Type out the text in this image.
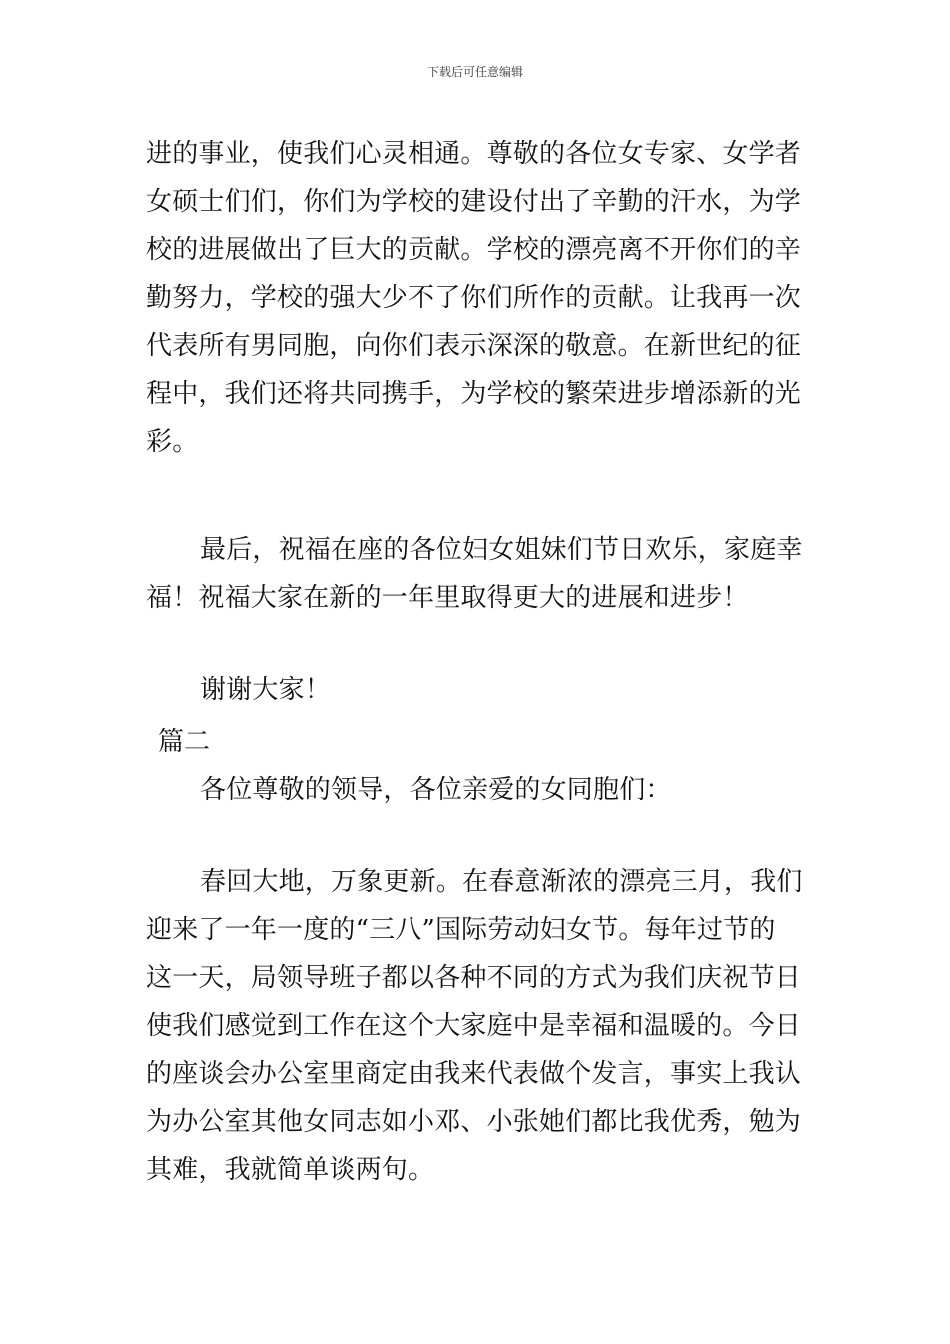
下载后可任意编辑
进的事业，使我们心灵相通。尊敬的各位女专家、女学者
女硕士们们，你们为学校的建设付出了辛勤的汗水，为学
校的进展做出了巨大的贡献。学校的漂亮离不开你们的辛
勤努力，学校的强大少不了你们所作的贡献。让我再一次
代表所有男同胞，向你们表示深深的敬意。在新世纪的征
程中，我们还将共同携手，为学校的繁荣进步增添新的光
彩。
最后，祝福在座的各位妇女姐妹们节日欢乐，家庭幸
福！祝福大家在新的一年里取得更大的进展和进步！
谢谢大家！
篇二
各位尊敬的领导，各位亲爱的女同胞们：
春回大地，万象更新。在春意渐浓的漂亮三月，我们
迎来了一年一度的“三八”国际劳动妇女节。每年过节的
这一天，局领导班子都以各种不同的方式为我们庆祝节日
使我们感觉到工作在这个大家庭中是幸福和温暖的。今日
的座谈会办公室里商定由我来代表做个发言，事实上我认
为办公室其他女同志如小邓、小张她们都比我优秀，勉为
其难，我就简单谈两句。
